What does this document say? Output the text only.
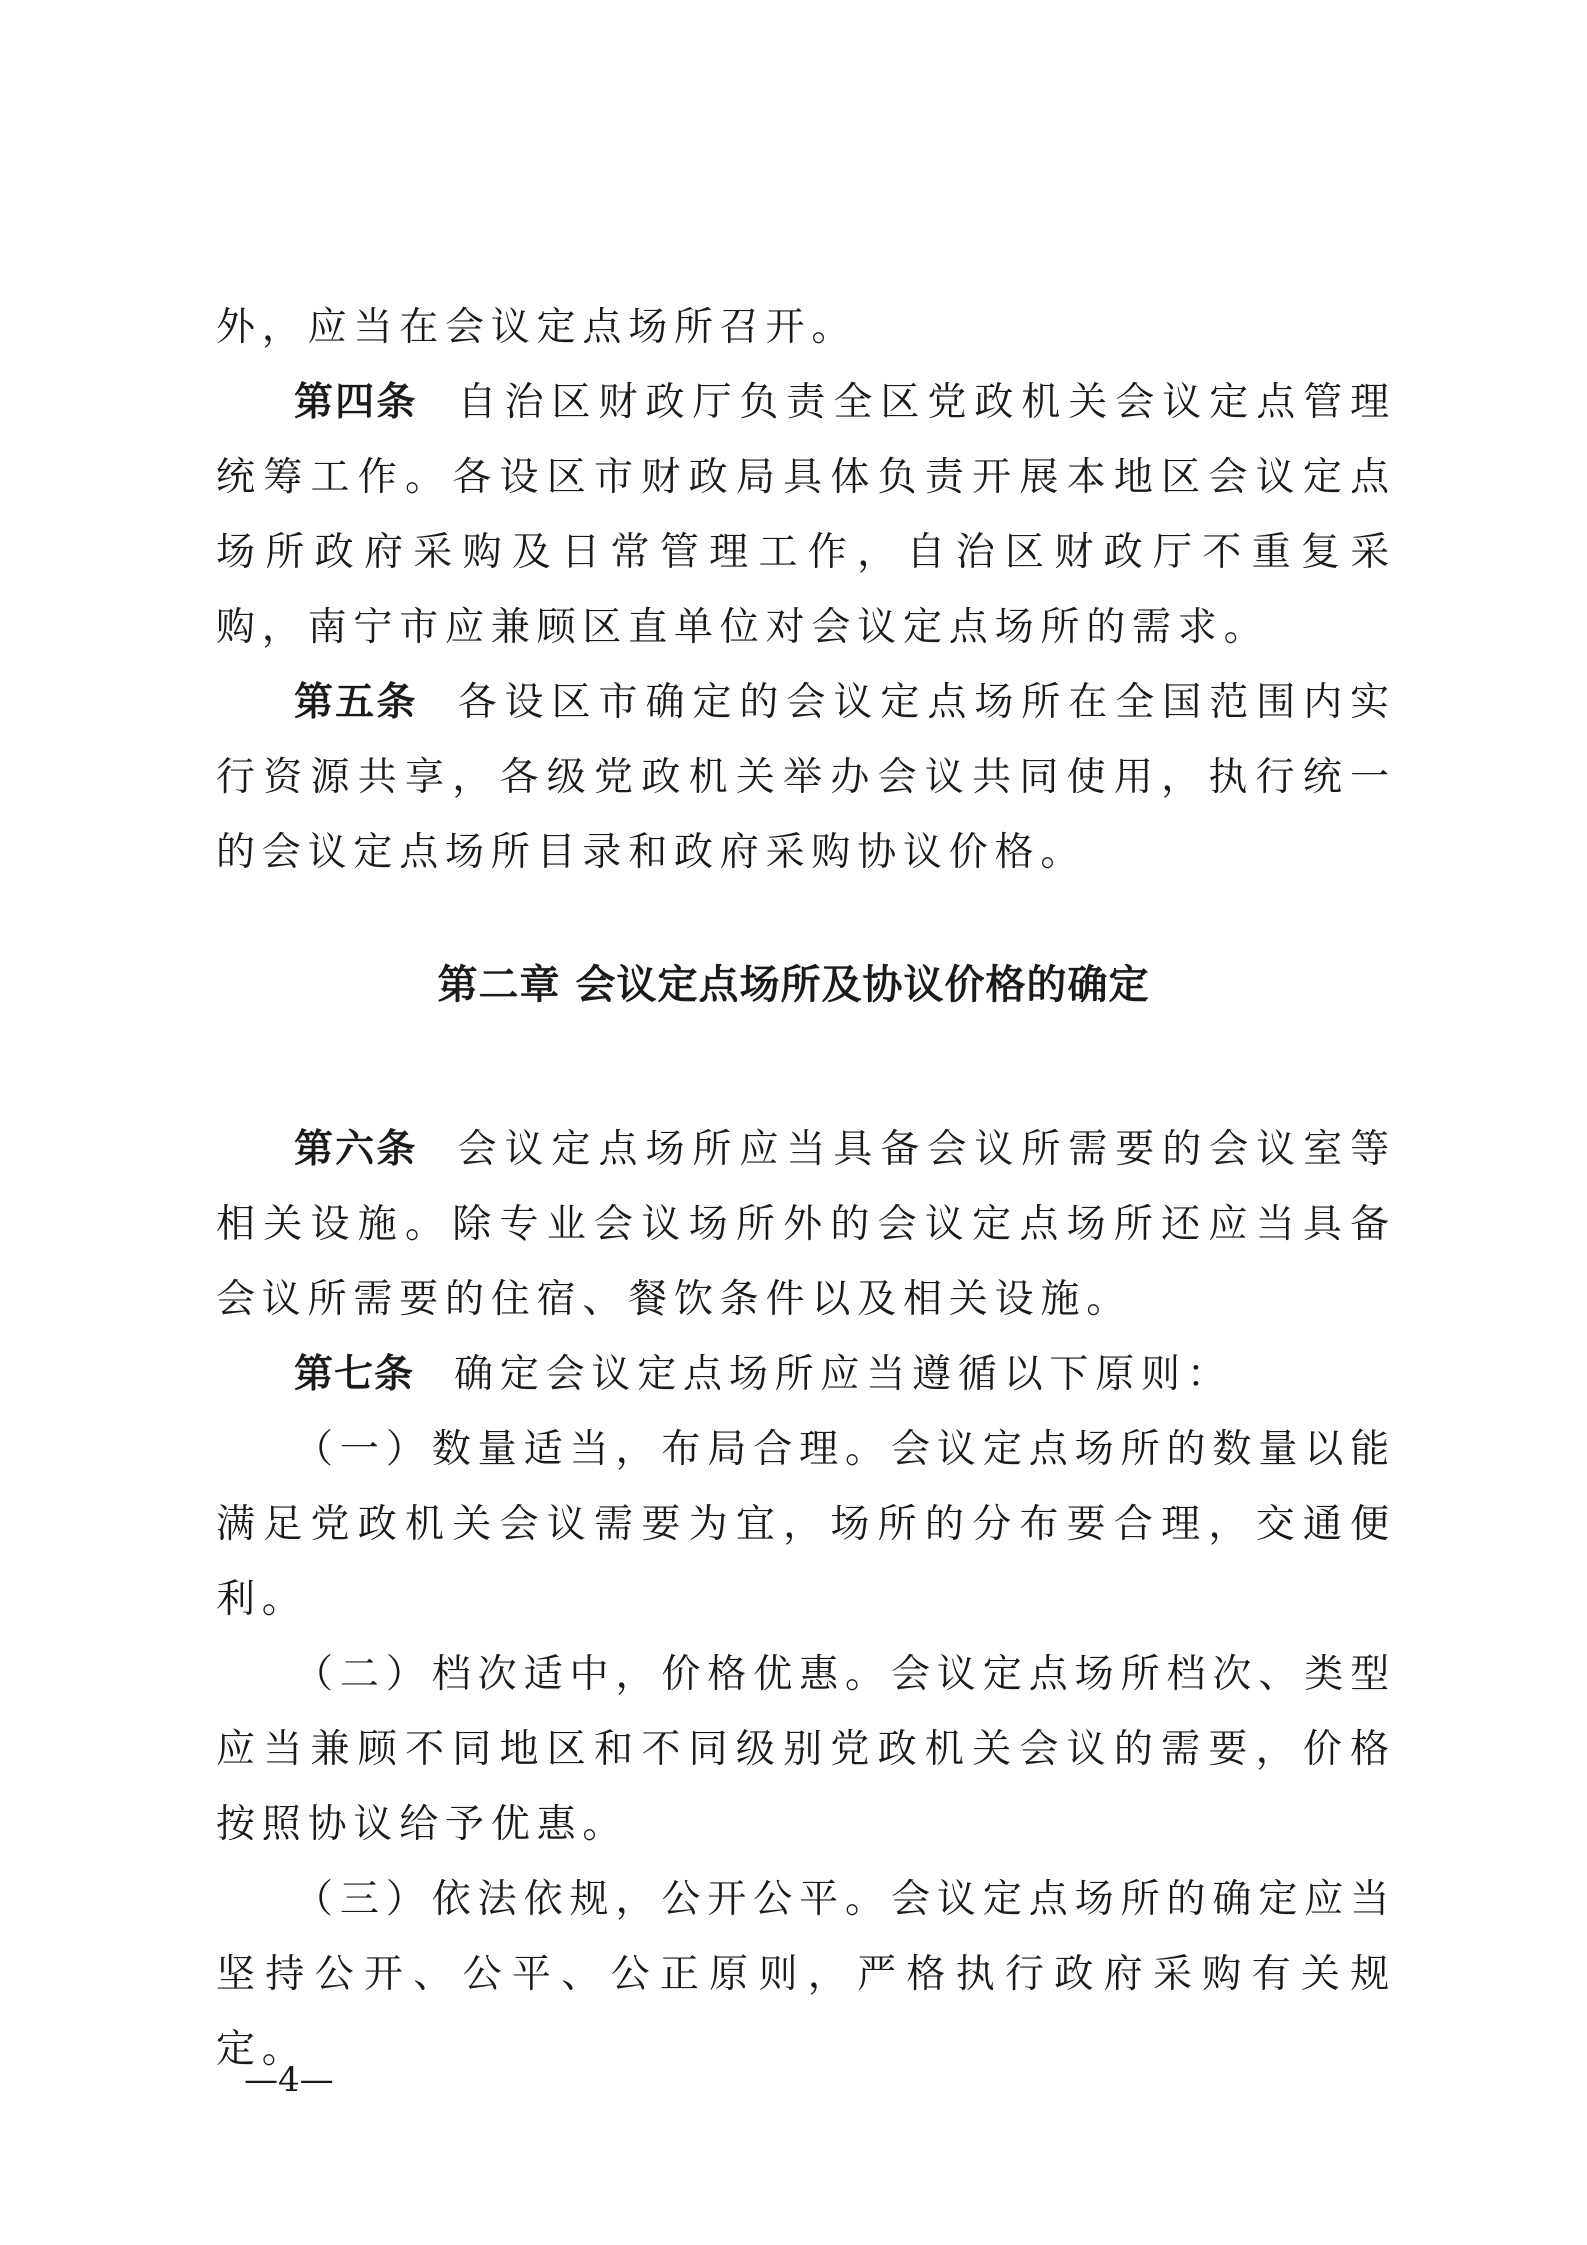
外，应当在会议定点场所召开。

第四条 自治区财政厅负责全区党政机关会议定点管理统筹工作。各设区市财政局具体负责开展本地区会议定点场所政府采购及日常管理工作，自治区财政厅不重复采购，南宁市应兼顾区直单位对会议定点场所的需求。

第五条 各设区市确定的会议定点场所在全国范围内实行资源共享，各级党政机关举办会议共同使用，执行统一的会议定点场所目录和政府采购协议价格。

第二章 会议定点场所及协议价格的确定

第六条 会议定点场所应当具备会议所需要的会议室等相关设施。除专业会议场所外的会议定点场所还应当具备会议所需要的住宿、餐饮条件以及相关设施。

第七条 确定会议定点场所应当遵循以下原则：

（一）数量适当，布局合理。会议定点场所的数量以能满足党政机关会议需要为宜，场所的分布要合理，交通便利。

（二）档次适中，价格优惠。会议定点场所档次、类型应当兼顾不同地区和不同级别党政机关会议的需要，价格按照协议给予优惠。

（三）依法依规，公开公平。会议定点场所的确定应当坚持公开、公平、公正原则，严格执行政府采购有关规定。

—4—
